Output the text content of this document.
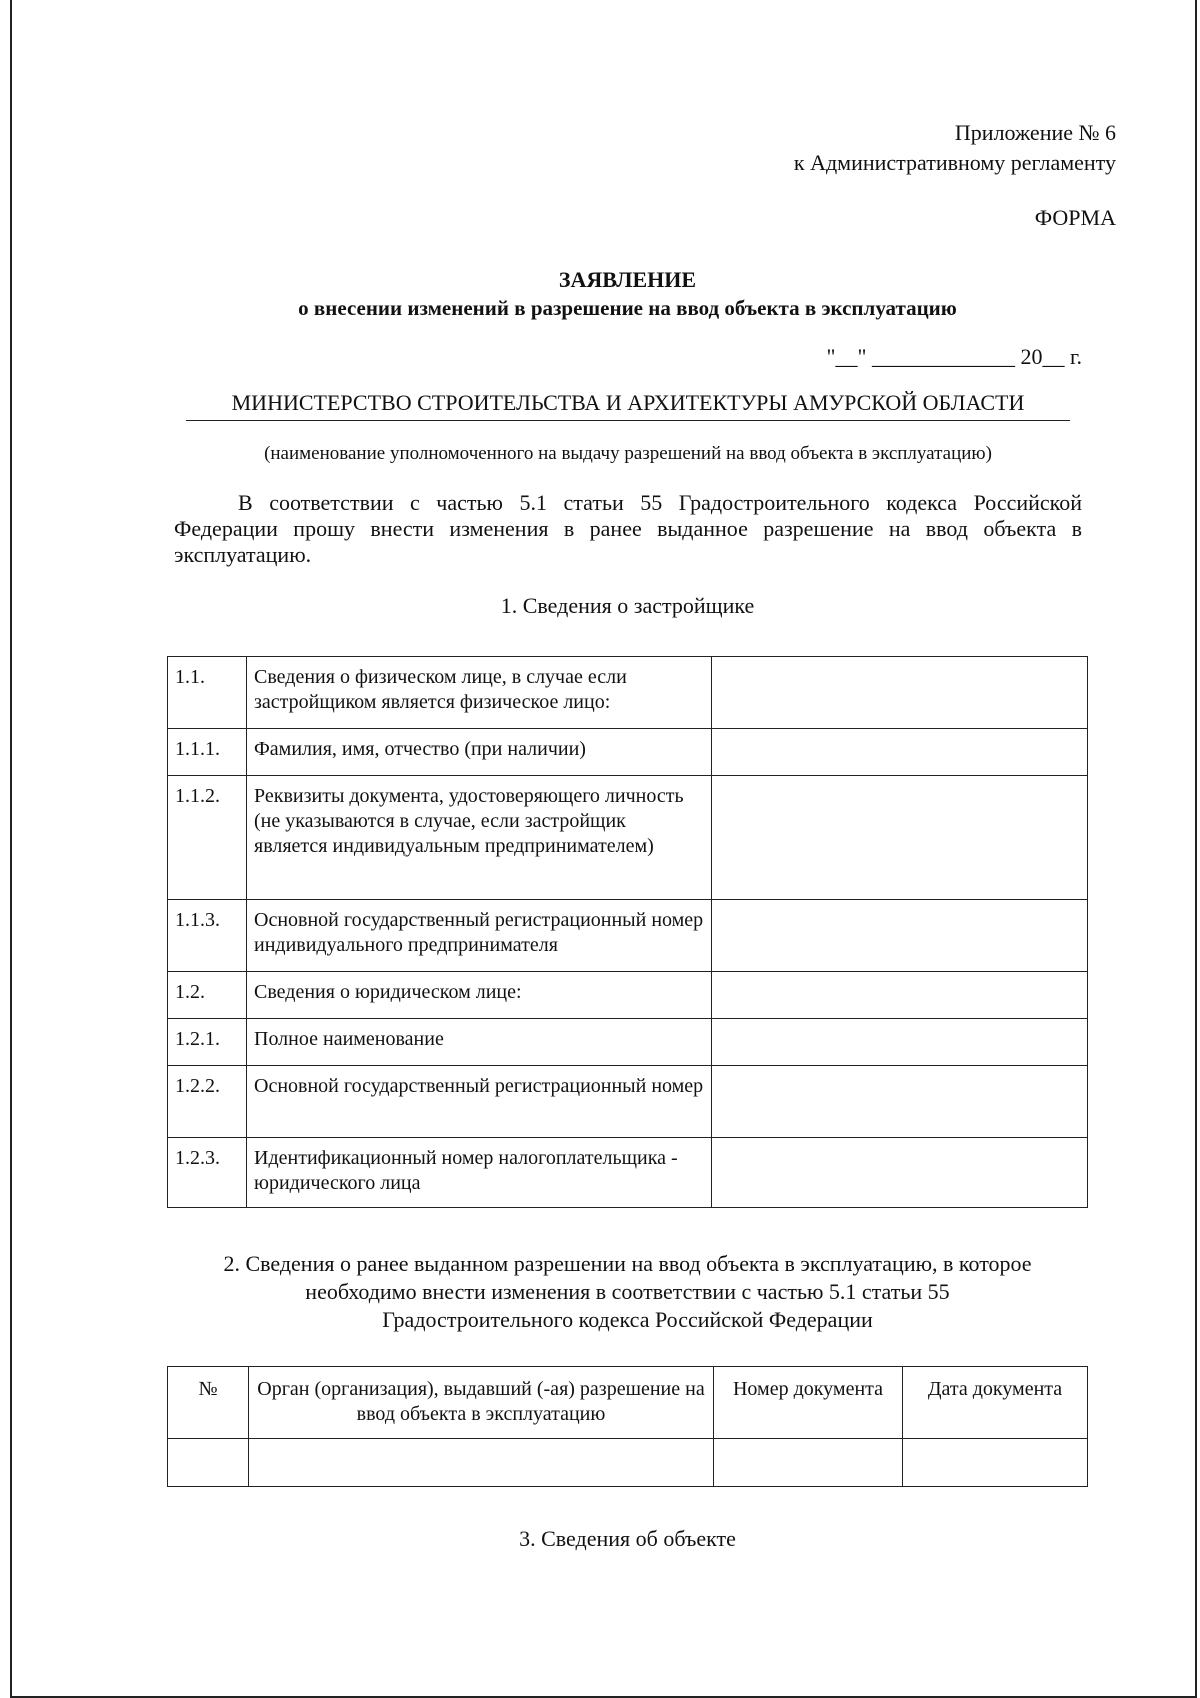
Приложение № 6
к Административному регламенту
ФОРМА
ЗАЯВЛЕНИЕ
о внесении изменений в разрешение на ввод объекта в эксплуатацию
"__" _____________ 20__ г.
МИНИСТЕРСТВО СТРОИТЕЛЬСТВА И АРХИТЕКТУРЫ АМУРСКОЙ ОБЛАСТИ
(наименование уполномоченного на выдачу разрешений на ввод объекта в эксплуатацию)
В соответствии с частью 5.1 статьи 55 Градостроительного кодекса Российской Федерации прошу внести изменения в ранее выданное разрешение на ввод объекта в эксплуатацию.
1. Сведения о застройщике
1.1.	Сведения о физическом лице, в случае если застройщиком является физическое лицо:	
1.1.1.	Фамилия, имя, отчество (при наличии)	
1.1.2.	Реквизиты документа, удостоверяющего личность (не указываются в случае, если застройщик является индивидуальным предпринимателем)	
1.1.3.	Основной государственный регистрационный номер индивидуального предпринимателя	
1.2.	Сведения о юридическом лице:	
1.2.1.	Полное наименование	
1.2.2.	Основной государственный регистрационный номер	
1.2.3.	Идентификационный номер налогоплательщика - юридического лица	
2. Сведения о ранее выданном разрешении на ввод объекта в эксплуатацию, в которое
необходимо внести изменения в соответствии с частью 5.1 статьи 55
Градостроительного кодекса Российской Федерации
№	Орган (организация), выдавший (-ая) разрешение на ввод объекта в эксплуатацию	Номер документа	Дата документа

3. Сведения об объекте
